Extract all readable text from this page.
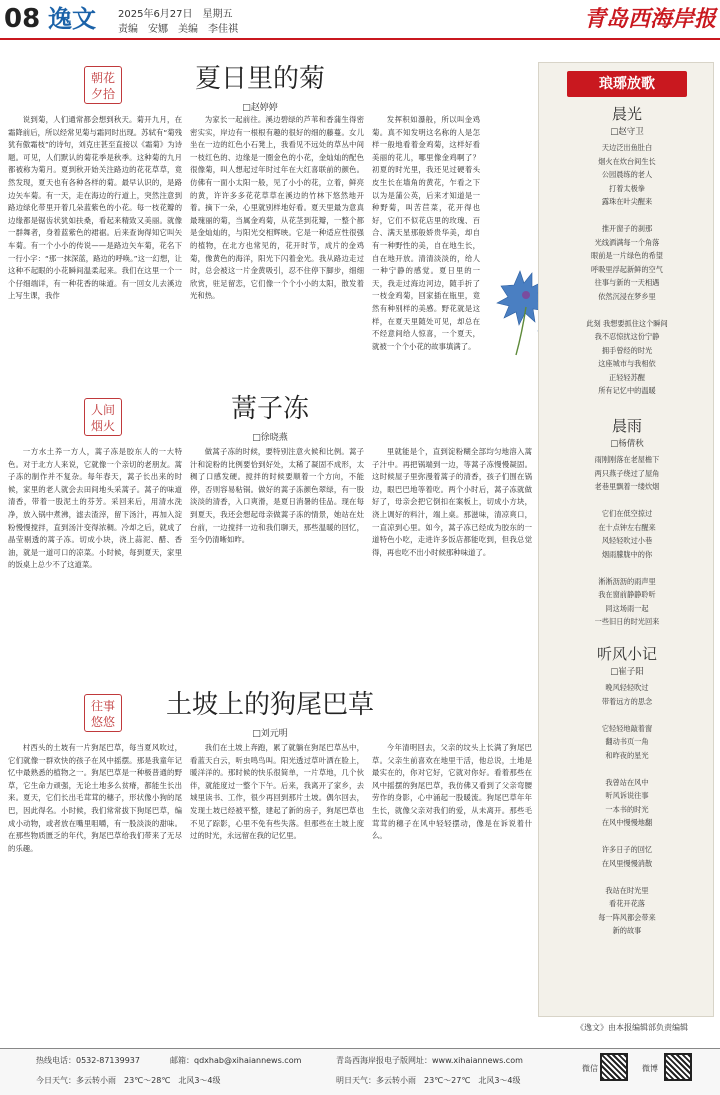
08 逸文 2025年6月27日　星期五
责编　安娜　美编　李佳祺	青岛西海岸报
朝花
夕拾	夏日里的菊
□赵婷婷
说到菊，人们通常都会想到秋天。菊开九月，在霜降前后，所以经常见菊与霜同时出现。苏轼有“菊残犹有傲霜枝”的诗句，刘克庄甚至直接以《霜菊》为诗题。可见，人们默认的菊花季是秋季。这种菊的九月都被称为菊月。夏到秋开始关注路边的花花草草，竟然发现，夏天也有各种各样的菊。最早认识的，是路边矢车菊。有一天，走在海边的行道上，突然注意到路边绿化带里开着几朵蓝紫色的小花。每一枝花瓣的边缘都是锯齿状犹如扶桑，看起来精致又美丽。就像一群舞者，身着蓝紫色的裙裾。后来查询得知它叫矢车菊。有一个小小的传说——是路边矢车菊，花名下一行小字：“那一抹深蓝，路边的呼唤。”这一幻想，让这种不起眼的小花瞬间温柔起来。我们在这里一个一个仔细端详，有一种花香的味道。有一回女儿去溪边上写生课，我作
为家长一起前往。溪边碧绿的芦苇和香蒲生得密密实实，岸边有一根根有趣的很好的细的藤蔓。女儿坐在一边的红色小石凳上，我看见不远处的草丛中间一枝红色的、边缘是一圈金色的小花，金灿灿的配色很像菊，叫人想起过年时过年在大红喜联前的颜色。仿佛有一面小太阳一般，见了小小的花，立着，鲜亮的黄，许许多多花花草草在溪边的竹林下悠然地开着。摘下一朵，心里就别样地好看。夏天里最为意真最瑰丽的菊，当属金鸡菊，从花茎到花瓣，一整个都是金灿灿的，与阳光交相辉映。它是一种适应性很强的植物，在北方也常见的，花开时节，成片的金鸡菊，像黄色的海洋，阳光下闪着金光。我从路边走过时，总会被这一片金黄吸引，忍不住停下脚步，细细欣赏，驻足留恋，它们像一个个小小的太阳，散发着光和热。
发挥积如瀑般，所以叫金鸡菊。真不知发明这名称的人是怎样一般地看着金鸡菊，这样好看美丽的花儿，哪里像金鸡啊了？初夏的时光里，我还见过硬着头皮生长在墙角的黄花，乍看之下以为是蒲公英，后来才知道是一种野菊，叫苦苣菜，花开得也好，它们不似花店里的玫瑰、百合、满天星那般娇贵华美，却自有一种野性的美，自在地生长，自在地开放。清清淡淡的，给人一种宁静的感觉。夏日里的一天，我走过海边河边，随手折了一枝金鸡菊，回家插在瓶里，竟然有种别样的美感。野花就是这样，在夏天里随处可见，却总在不经意间给人惊喜，一个夏天，就被一个个小花的故事填满了。
人间
烟火
蒿子冻
□徐晓燕
一方水土养一方人，蒿子冻是胶东人的一大特色。对于北方人来说，它就像一个亲切的老朋友。蒿子冻的制作并不复杂。每年春天，蒿子长出来的时候，家里的老人就会去田间地头采蒿子。蒿子的味道清香，带着一股泥土的芬芳。采回来后，用清水洗净，放入锅中煮沸，滤去渣滓，留下汤汁，再加入淀粉慢慢搅拌，直到汤汁变得浓稠。冷却之后，就成了晶莹剔透的蒿子冻。切成小块，浇上蒜泥、醋、香油，就是一道可口的凉菜。小时候，每到夏天，家里的饭桌上总少不了这道菜。
做蒿子冻的时候，要特别注意火候和比例。蒿子汁和淀粉的比例要恰到好处，太稀了凝固不成形，太稠了口感发硬。搅拌的时候要顺着一个方向，不能停，否则容易粘锅。做好的蒿子冻颜色翠绿，有一股淡淡的清香，入口爽滑，是夏日消暑的佳品。现在每到夏天，我还会想起母亲做蒿子冻的情景，她站在灶台前，一边搅拌一边和我们聊天，那些温暖的回忆，至今仍清晰如昨。
里就能是个，直到淀粉糊全部均匀地溶入蒿子汁中。再把锅端到一边，等蒿子冻慢慢凝固。这时候屋子里弥漫着蒿子的清香，孩子们围在锅边，眼巴巴地等着吃。两个小时后，蒿子冻就做好了，母亲会把它倒扣在案板上，切成小方块，浇上调好的料汁，端上桌。那滋味，清凉爽口，一直凉到心里。如今，蒿子冻已经成为胶东的一道特色小吃，走进许多饭店都能吃到，但我总觉得，再也吃不出小时候那种味道了。
往事
悠悠
土坡上的狗尾巴草
□刘元明
村西头的土坡有一片狗尾巴草，每当夏风吹过，它们就像一群欢快的孩子在风中摇摆。那是我童年记忆中最熟悉的植物之一。狗尾巴草是一种极普通的野草，它生命力顽强，无论土地多么贫瘠，都能生长出来。夏天，它们长出毛茸茸的穗子，形状像小狗的尾巴，因此得名。小时候，我们常常拔下狗尾巴草，编成小动物，或者放在嘴里咀嚼，有一股淡淡的甜味。在那些物质匮乏的年代，狗尾巴草给我们带来了无尽的乐趣。
我们在土坡上奔跑，累了就躺在狗尾巴草丛中，看蓝天白云，听虫鸣鸟叫。阳光透过草叶洒在脸上，暖洋洋的。那时候的快乐很简单，一片草地，几个伙伴，就能度过一整个下午。后来，我离开了家乡，去城里读书、工作，很少再回到那片土坡。偶尔回去，发现土坡已经被平整，建起了新的房子，狗尾巴草也不见了踪影，心里不免有些失落。但那些在土坡上度过的时光，永远留在我的记忆里。
今年清明回去，父亲的坟头上长满了狗尾巴草。父亲生前喜欢在地里干活，他总说，土地是最实在的，你对它好，它就对你好。看着那些在风中摇摆的狗尾巴草，我仿佛又看到了父亲弯腰劳作的身影，心中涌起一股暖流。狗尾巴草年年生长，就像父亲对我们的爱，从未离开。那些毛茸茸的穗子在风中轻轻摆动，像是在诉说着什么。
琅琊放歌
晨光
□赵守卫
天边泛出鱼肚白
烟火在炊台间生长
公园晨练的老人
打着太极拳
露珠在叶尖醒来

推开窗子的刹那
光线洒满每一个角落
眼前是一片绿色的希望
呼吸里浮起新鲜的空气
往事与新的一天相遇
依然沉浸在梦乡里

此刻 我想要抓住这个瞬间
我不忍惊扰这份宁静
拥手曾经的时光
这座城市与我相依
正轻轻苏醒
所有记忆中的温暖
晨雨
□杨倩秋
雨刚刚落在老屋檐下
两只燕子绕过了屋角
老巷里飘着一缕炊烟

它们在低空掠过
在十点钟左右醒来
风轻轻吹过小巷
烟雨朦胧中的你

淅淅沥沥的雨声里
我在窗前静静聆听
同这场雨一起
一些旧日的时光回来
听风小记
□崔子阳
晚风轻轻吹过
带着远方的思念

它轻轻地敲着窗
翻动书页一角
和昨夜的星光

我曾站在风中
听风诉说往事
一本书的时光
在风中慢慢地翻

许多日子的回忆
在风里慢慢消散

我站在时光里
看花开花落
每一阵风都会带来
新的故事
《逸文》由本报编辑部负责编辑
热线电话：0532-87139937	邮箱：qdxhab@xihaiannews.com	青岛西海岸报电子版网址：www.xihaiannews.com
今日天气：多云转小雨　23℃～28℃　北风3～4级	明日天气：多云转小雨　23℃～27℃　北风3～4级
微信	微博
